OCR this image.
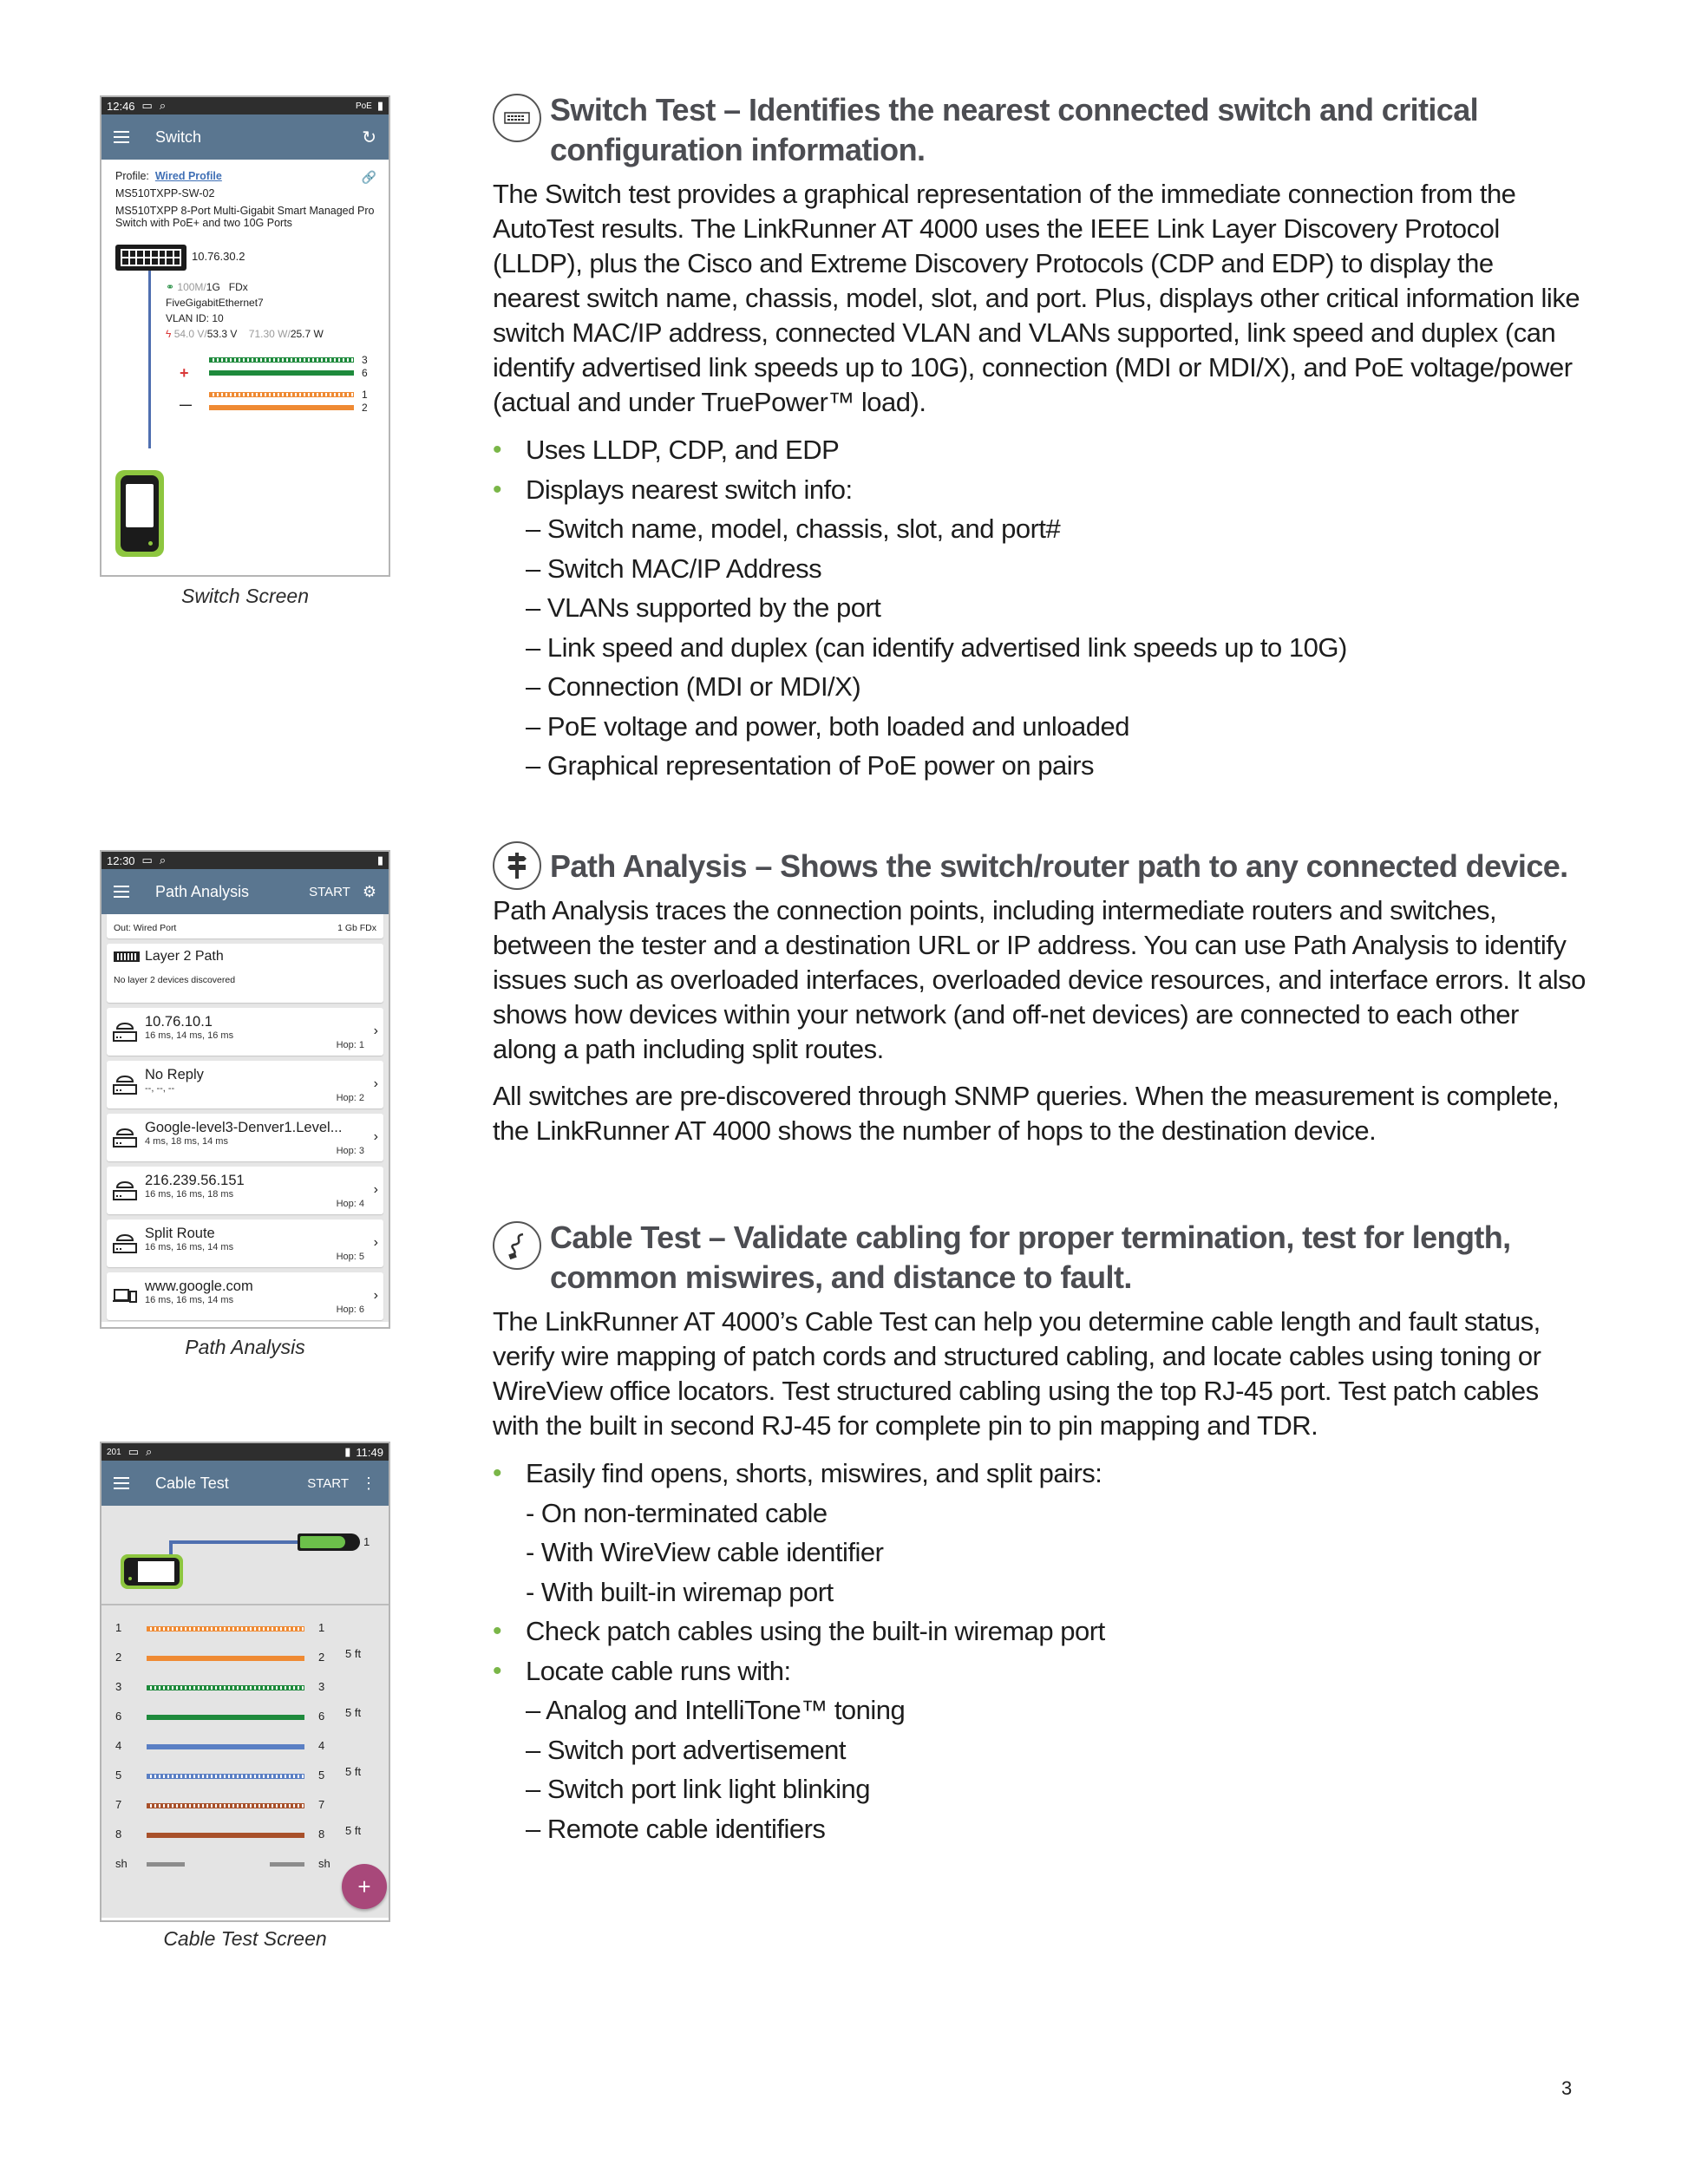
12:46 ▭ ⌕	PoE ▮
Switch	↻
Profile: Wired Profile	🔗
MS510TXPP-SW-02
MS510TXPP 8-Port Multi-Gigabit Smart Managed Pro Switch with PoE+ and two 10G Ports
10.76.30.2
⚭ 100M/1G FDx
FiveGigabitEthernet7
VLAN ID: 10
ϟ 54.0 V/53.3 V 71.30 W/25.7 W
+
3
6
—
1
2
Switch Screen
12:30 ▭ ⌕	▮
Path Analysis	START ⚙
Out: Wired Port	1 Gb FDx
Layer 2 Path
No layer 2 devices discovered
10.76.10.1
16 ms, 14 ms, 16 ms
Hop: 1
›
No Reply
--, --, --
Hop: 2
›
Google-level3-Denver1.Level...
4 ms, 18 ms, 14 ms
Hop: 3
›
216.239.56.151
16 ms, 16 ms, 18 ms
Hop: 4
›
Split Route
16 ms, 16 ms, 14 ms
Hop: 5
›
www.google.com
16 ms, 16 ms, 14 ms
Hop: 6
›
Path Analysis
201 ▭ ⌕	▮ 11:49
Cable Test	START ⋮
1
5 ft
5 ft
5 ft
5 ft
+
1	1
2	2
3	3
6	6
4	4
5	5
7	7
8	8
sh	sh
Cable Test Screen
Switch Test – Identifies the nearest connected switch and critical configuration information.

The Switch test provides a graphical representation of the immediate connection from the AutoTest results. The LinkRunner AT 4000 uses the IEEE Link Layer Discovery Protocol (LLDP), plus the Cisco and Extreme Discovery Protocols (CDP and EDP) to display the nearest switch name, chassis, model, slot, and port. Plus, displays other critical information like switch MAC/IP address, connected VLAN and VLANs supported, link speed and duplex (can identify advertised link speeds up to 10G), connection (MDI or MDI/X), and PoE voltage/power (actual and under TruePower™ load).

• Uses LLDP, CDP, and EDP
• Displays nearest switch info:
– Switch name, model, chassis, slot, and port#
– Switch MAC/IP Address
– VLANs supported by the port
– Link speed and duplex (can identify advertised link speeds up to 10G)
– Connection (MDI or MDI/X)
– PoE voltage and power, both loaded and unloaded
– Graphical representation of PoE power on pairs
Path Analysis – Shows the switch/router path to any connected device.

Path Analysis traces the connection points, including intermediate routers and switches, between the tester and a destination URL or IP address. You can use Path Analysis to identify issues such as overloaded interfaces, overloaded device resources, and interface errors. It also shows how devices within your network (and off-net devices) are connected to each other along a path including split routes.

All switches are pre-discovered through SNMP queries. When the measurement is complete, the LinkRunner AT 4000 shows the number of hops to the destination device.

Cable Test – Validate cabling for proper termination, test for length, common miswires, and distance to fault.

The LinkRunner AT 4000’s Cable Test can help you determine cable length and fault status, verify wire mapping of patch cords and structured cabling, and locate cables using toning or WireView office locators. Test structured cabling using the top RJ-45 port. Test patch cables with the built in second RJ-45 for complete pin to pin mapping and TDR.

• Easily find opens, shorts, miswires, and split pairs:
- On non-terminated cable
- With WireView cable identifier
- With built-in wiremap port
• Check patch cables using the built-in wiremap port
• Locate cable runs with:
– Analog and IntelliTone™ toning
– Switch port advertisement
– Switch port link light blinking
– Remote cable identifiers
3
